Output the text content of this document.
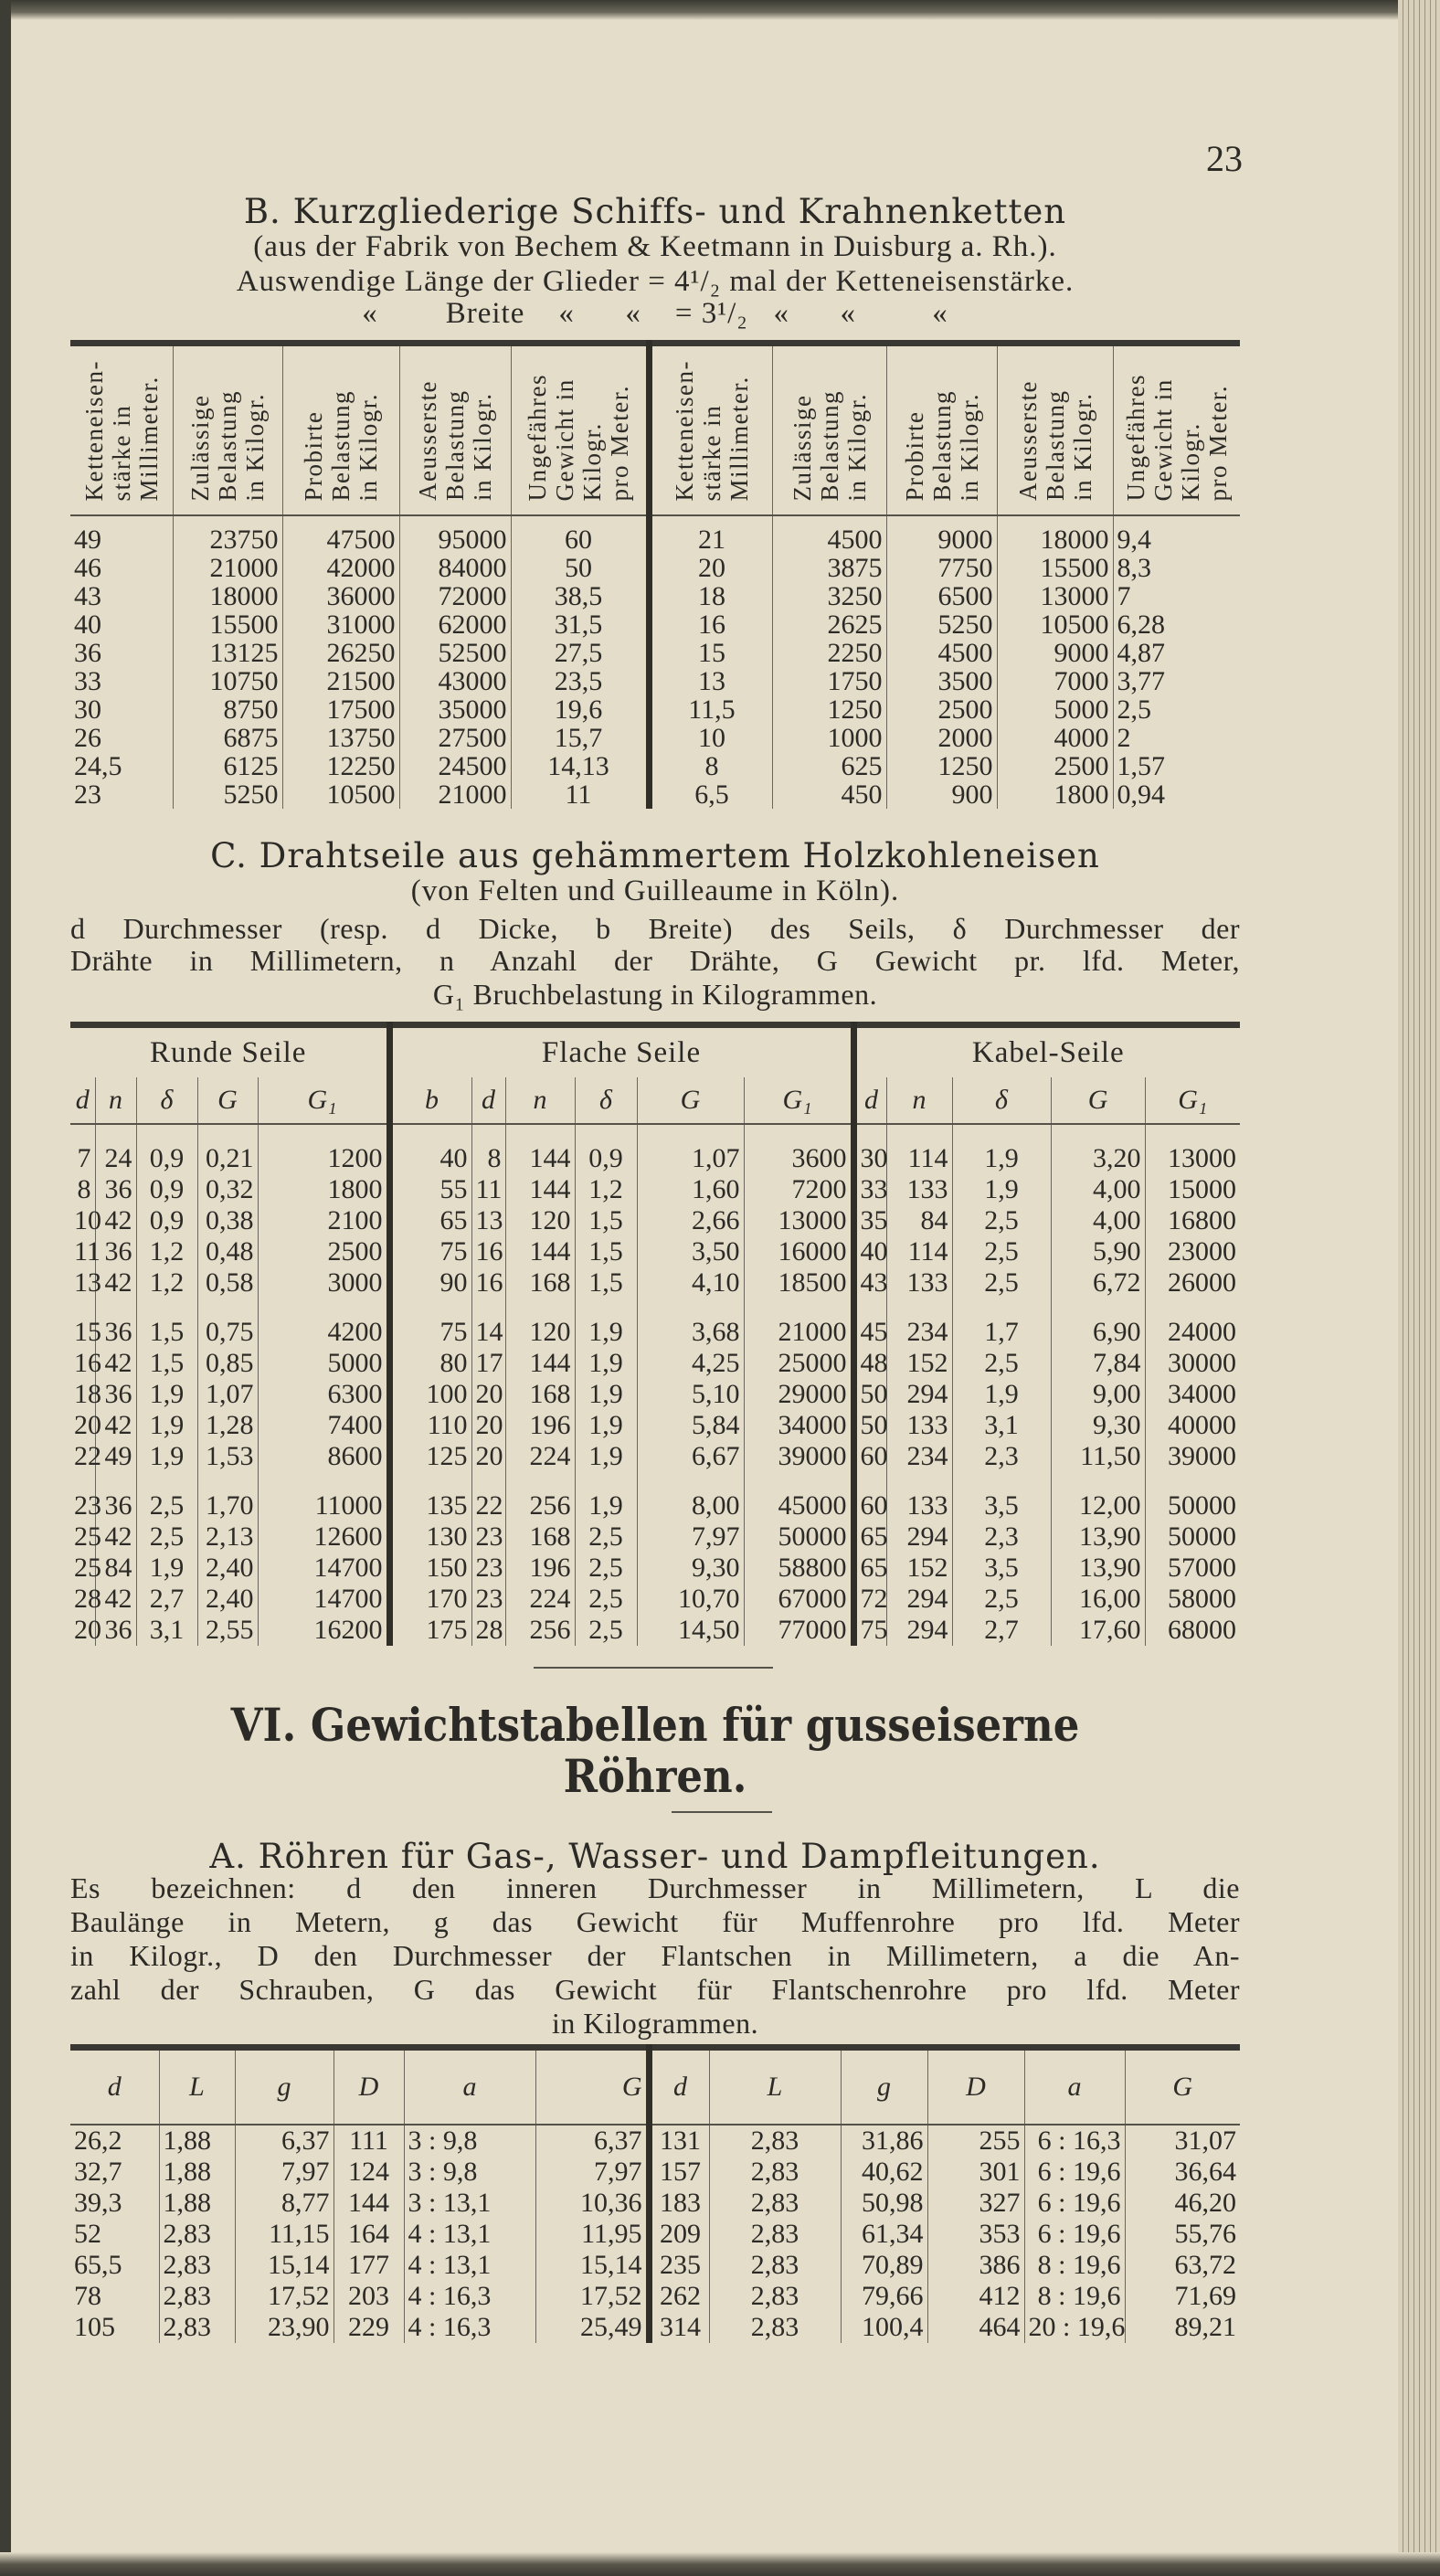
23
B. Kurzgliederige Schiffs- und Krahnenketten
(aus der Fabrik von Bechem & Keetmann in Duisburg a. Rh.).
Auswendige Länge der Glieder = 4¹/₂ mal der Ketteneisenstärke.
«        Breite    «      «    = 3¹/₂   «      «         «
Ketteneisen-
stärke in
Millimeter.	Zulässige
Belastung
in Kilogr.	Probirte
Belastung
in Kilogr.	Aeusserste
Belastung
in Kilogr.	Ungefähres
Gewicht in
Kilogr.
pro Meter.	Ketteneisen-
stärke in
Millimeter.	Zulässige
Belastung
in Kilogr.	Probirte
Belastung
in Kilogr.	Aeusserste
Belastung
in Kilogr.	Ungefähres
Gewicht in
Kilogr.
pro Meter.
49	23750	47500	95000	60	21	4500	9000	18000	9,4
46	21000	42000	84000	50	20	3875	7750	15500	8,3
43	18000	36000	72000	38,5	18	3250	6500	13000	7
40	15500	31000	62000	31,5	16	2625	5250	10500	6,28
36	13125	26250	52500	27,5	15	2250	4500	9000	4,87
33	10750	21500	43000	23,5	13	1750	3500	7000	3,77
30	8750	17500	35000	19,6	11,5	1250	2500	5000	2,5
26	6875	13750	27500	15,7	10	1000	2000	4000	2
24,5	6125	12250	24500	14,13	8	625	1250	2500	1,57
23	5250	10500	21000	11	6,5	450	900	1800	0,94
C. Drahtseile aus gehämmertem Holzkohleneisen
(von Felten und Guilleaume in Köln).
d Durchmesser (resp. d Dicke, b Breite) des Seils, δ Durchmesser der
Drähte in Millimetern, n Anzahl der Drähte, G Gewicht pr. lfd. Meter,
G₁ Bruchbelastung in Kilogrammen.
Runde Seile					Flache Seile						Kabel-Seile				
d	n	δ	G	G₁	b	d	n	δ	G	G₁	d	n	δ	G	G₁
7	24	0,9	0,21	1200	40	8	144	0,9	1,07	3600	30	114	1,9	3,20	13000
8	36	0,9	0,32	1800	55	11	144	1,2	1,60	7200	33	133	1,9	4,00	15000
10	42	0,9	0,38	2100	65	13	120	1,5	2,66	13000	35	84	2,5	4,00	16800
11	36	1,2	0,48	2500	75	16	144	1,5	3,50	16000	40	114	2,5	5,90	23000
13	42	1,2	0,58	3000	90	16	168	1,5	4,10	18500	43	133	2,5	6,72	26000
15	36	1,5	0,75	4200	75	14	120	1,9	3,68	21000	45	234	1,7	6,90	24000
16	42	1,5	0,85	5000	80	17	144	1,9	4,25	25000	48	152	2,5	7,84	30000
18	36	1,9	1,07	6300	100	20	168	1,9	5,10	29000	50	294	1,9	9,00	34000
20	42	1,9	1,28	7400	110	20	196	1,9	5,84	34000	50	133	3,1	9,30	40000
22	49	1,9	1,53	8600	125	20	224	1,9	6,67	39000	60	234	2,3	11,50	39000
23	36	2,5	1,70	11000	135	22	256	1,9	8,00	45000	60	133	3,5	12,00	50000
25	42	2,5	2,13	12600	130	23	168	2,5	7,97	50000	65	294	2,3	13,90	50000
25	84	1,9	2,40	14700	150	23	196	2,5	9,30	58800	65	152	3,5	13,90	57000
28	42	2,7	2,40	14700	170	23	224	2,5	10,70	67000	72	294	2,5	16,00	58000
20	36	3,1	2,55	16200	175	28	256	2,5	14,50	77000	75	294	2,7	17,60	68000
VI. Gewichtstabellen für gusseiserne
Röhren.
A. Röhren für Gas-, Wasser- und Dampfleitungen.
Es bezeichnen: d den inneren Durchmesser in Millimetern, L die
Baulänge in Metern, g das Gewicht für Muffenrohre pro lfd. Meter
in Kilogr., D den Durchmesser der Flantschen in Millimetern, a die An-
zahl der Schrauben, G das Gewicht für Flantschenrohre pro lfd. Meter
in Kilogrammen.
d	L	g	D	a	G	d	L	g	D	a	G
26,2	1,88	6,37	111	3 : 9,8	6,37	131	2,83	31,86	255	6 : 16,3	31,07
32,7	1,88	7,97	124	3 : 9,8	7,97	157	2,83	40,62	301	6 : 19,6	36,64
39,3	1,88	8,77	144	3 : 13,1	10,36	183	2,83	50,98	327	6 : 19,6	46,20
52	2,83	11,15	164	4 : 13,1	11,95	209	2,83	61,34	353	6 : 19,6	55,76
65,5	2,83	15,14	177	4 : 13,1	15,14	235	2,83	70,89	386	8 : 19,6	63,72
78	2,83	17,52	203	4 : 16,3	17,52	262	2,83	79,66	412	8 : 19,6	71,69
105	2,83	23,90	229	4 : 16,3	25,49	314	2,83	100,4	464	20 : 19,6	89,21
